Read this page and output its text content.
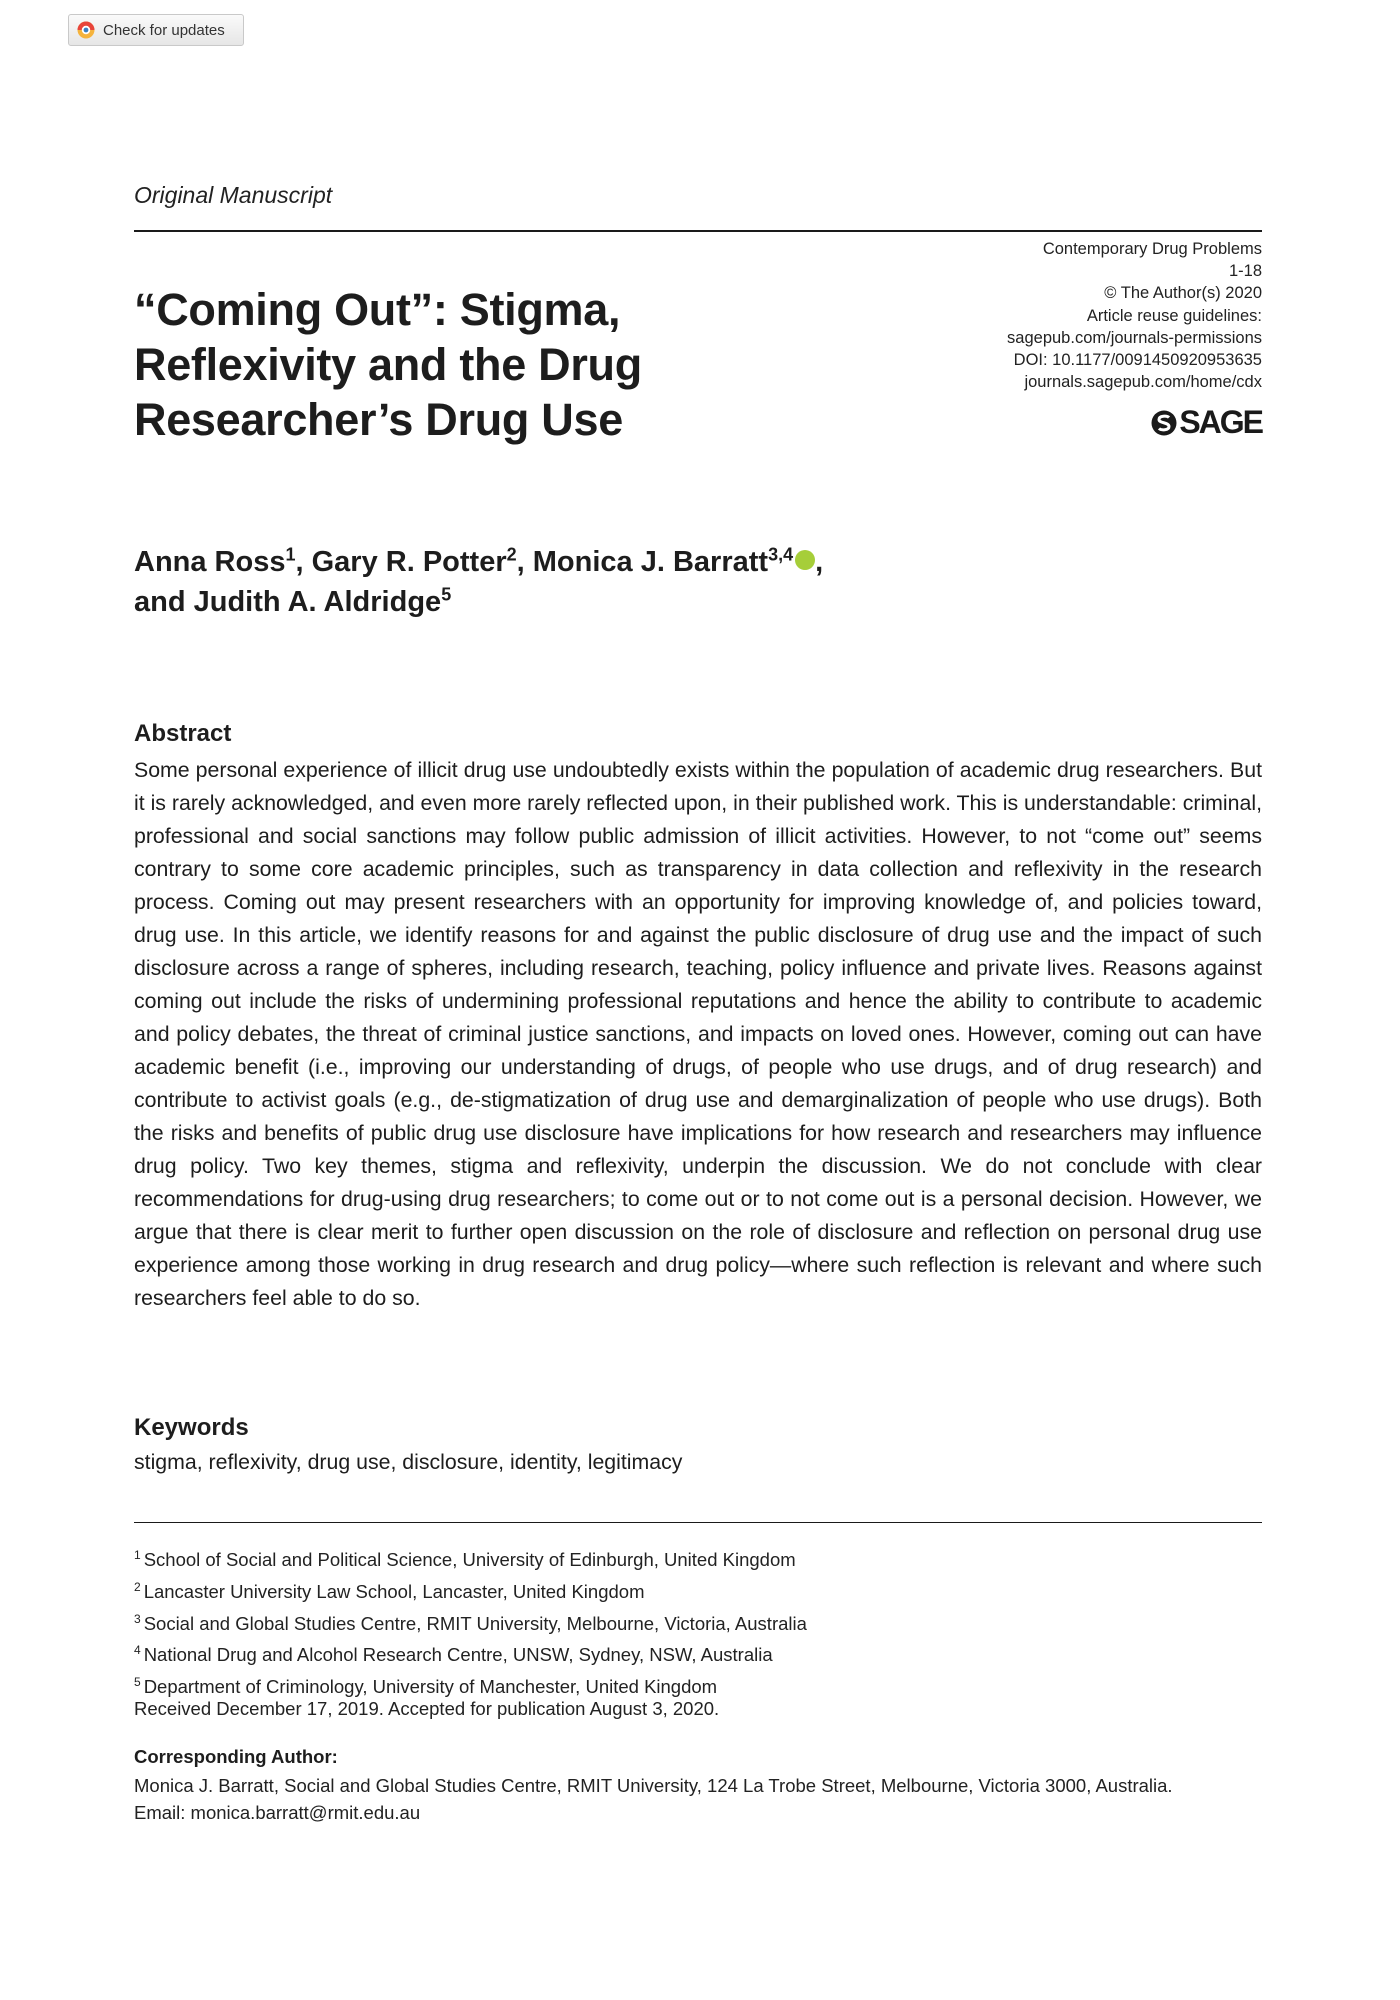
Check for updates
Original Manuscript
Contemporary Drug Problems
1-18
© The Author(s) 2020
Article reuse guidelines:
sagepub.com/journals-permissions
DOI: 10.1177/0091450920953635
journals.sagepub.com/home/cdx
SAGE
“Coming Out”: Stigma,
Reflexivity and the Drug
Researcher’s Drug Use
Anna Ross$^1$, Gary R. Potter$^2$, Monica J. Barratt$^{3,4}$ ,
and Judith A. Aldridge$^5$
Abstract

Some personal experience of illicit drug use undoubtedly exists within the population of academic drug researchers. But it is rarely acknowledged, and even more rarely reflected upon, in their published work. This is understandable: criminal, professional and social sanctions may follow public admission of illicit activities. However, to not “come out” seems contrary to some core academic principles, such as transparency in data collection and reflexivity in the research process. Coming out may present researchers with an opportunity for improving knowledge of, and policies toward, drug use. In this article, we identify reasons for and against the public disclosure of drug use and the impact of such disclosure across a range of spheres, including research, teaching, policy influence and private lives. Reasons against coming out include the risks of undermining professional reputations and hence the ability to contribute to academic and policy debates, the threat of criminal justice sanctions, and impacts on loved ones. However, coming out can have academic benefit (i.e., improving our understanding of drugs, of people who use drugs, and of drug research) and contribute to activist goals (e.g., de-stigmatization of drug use and demarginalization of people who use drugs). Both the risks and benefits of public drug use disclosure have implications for how research and researchers may influence drug policy. Two key themes, stigma and reflexivity, underpin the discussion. We do not conclude with clear recommendations for drug-using drug researchers; to come out or to not come out is a personal decision. However, we argue that there is clear merit to further open discussion on the role of disclosure and reflection on personal drug use experience among those working in drug research and drug policy—where such reflection is relevant and where such researchers feel able to do so.

Keywords
stigma, reflexivity, drug use, disclosure, identity, legitimacy
$^1$ School of Social and Political Science, University of Edinburgh, United Kingdom
$^2$ Lancaster University Law School, Lancaster, United Kingdom
$^3$ Social and Global Studies Centre, RMIT University, Melbourne, Victoria, Australia
$^4$ National Drug and Alcohol Research Centre, UNSW, Sydney, NSW, Australia
$^5$ Department of Criminology, University of Manchester, United Kingdom
Received December 17, 2019. Accepted for publication August 3, 2020.
Corresponding Author:
Monica J. Barratt, Social and Global Studies Centre, RMIT University, 124 La Trobe Street, Melbourne, Victoria 3000, Australia.
Email: monica.barratt@rmit.edu.au
